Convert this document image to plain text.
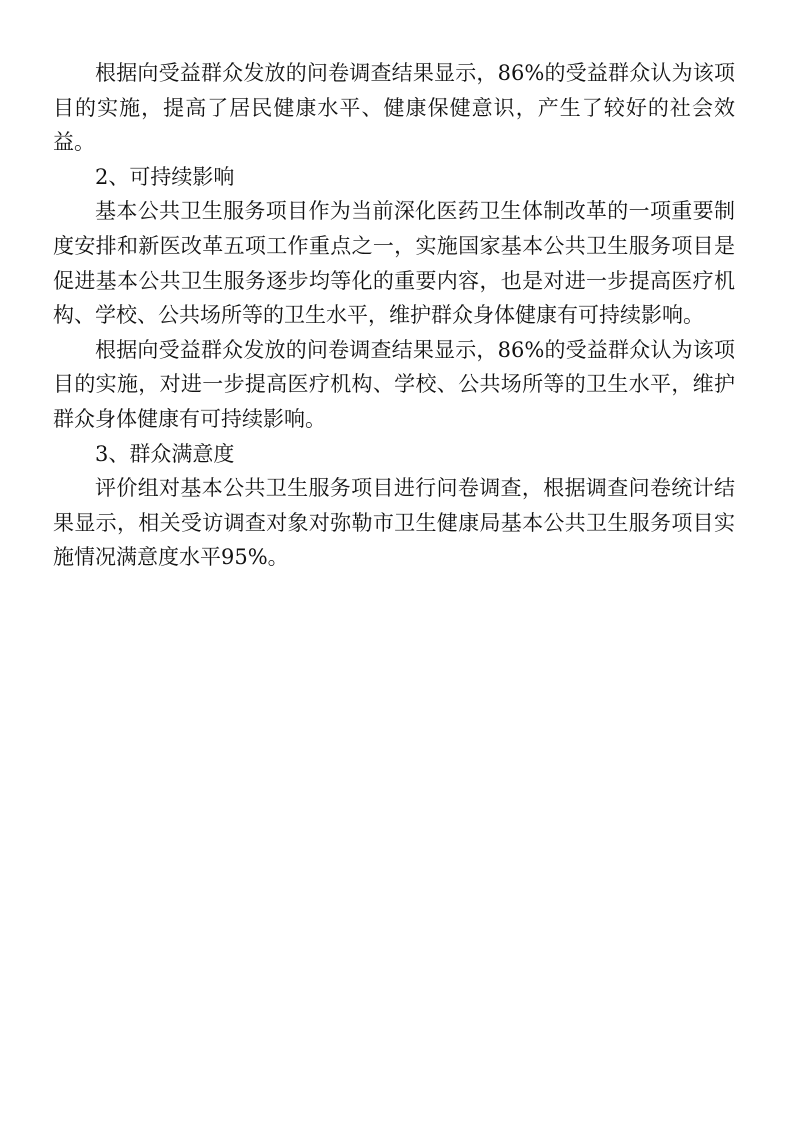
根据向受益群众发放的问卷调查结果显示，86%的受益群众认为该项目的实施，提高了居民健康水平、健康保健意识，产生了较好的社会效益。

2、可持续影响

基本公共卫生服务项目作为当前深化医药卫生体制改革的一项重要制度安排和新医改革五项工作重点之一，实施国家基本公共卫生服务项目是促进基本公共卫生服务逐步均等化的重要内容，也是对进一步提高医疗机构、学校、公共场所等的卫生水平，维护群众身体健康有可持续影响。

根据向受益群众发放的问卷调查结果显示，86%的受益群众认为该项目的实施，对进一步提高医疗机构、学校、公共场所等的卫生水平，维护群众身体健康有可持续影响。

3、群众满意度

评价组对基本公共卫生服务项目进行问卷调查，根据调查问卷统计结果显示，相关受访调查对象对弥勒市卫生健康局基本公共卫生服务项目实施情况满意度水平95%。
